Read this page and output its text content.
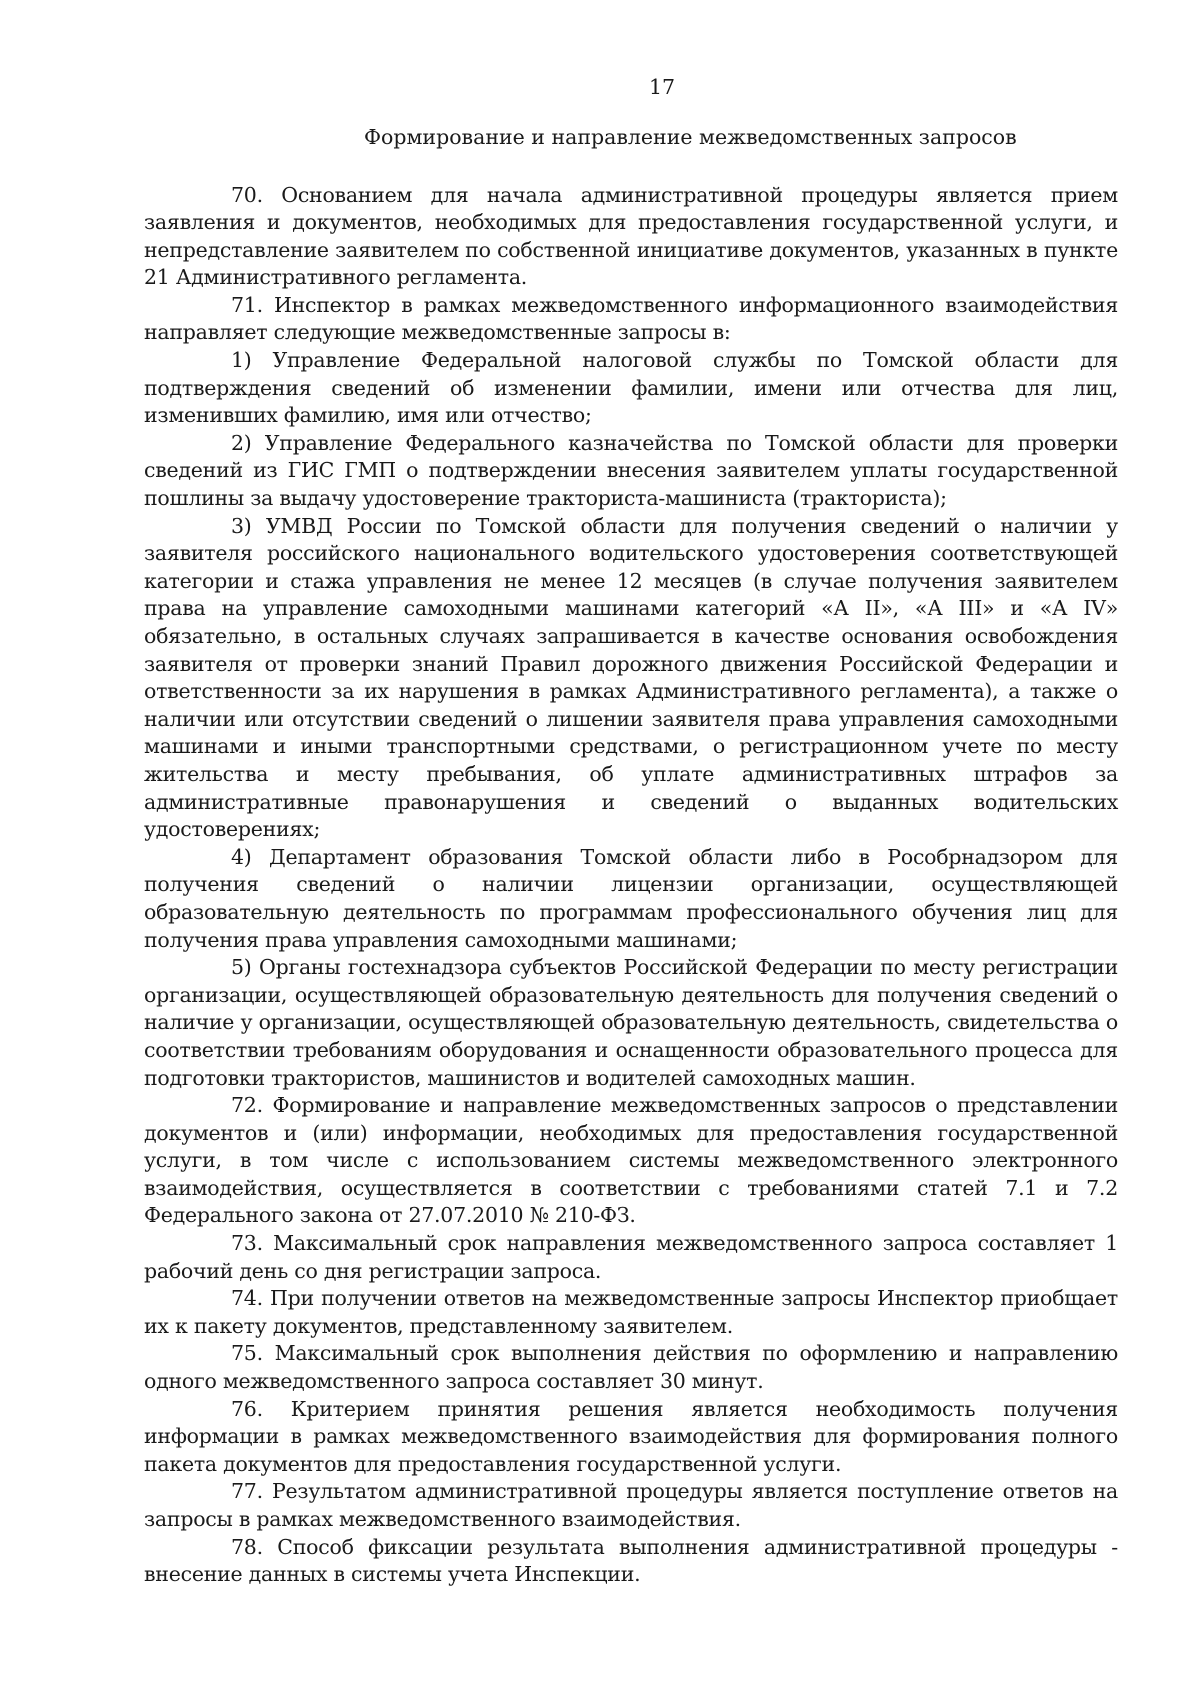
17
Формирование и направление межведомственных запросов

70. Основанием для начала административной процедуры является прием заявления и документов, необходимых для предоставления государственной услуги, и непредставление заявителем по собственной инициативе документов, указанных в пункте 21 Административного регламента.

71. Инспектор в рамках межведомственного информационного взаимодействия направляет следующие межведомственные запросы в:

1) Управление Федеральной налоговой службы по Томской области для подтверждения сведений об изменении фамилии, имени или отчества для лиц, изменивших фамилию, имя или отчество;

2) Управление Федерального казначейства по Томской области для проверки сведений из ГИС ГМП о подтверждении внесения заявителем уплаты государственной пошлины за выдачу удостоверение тракториста-машиниста (тракториста);

3) УМВД России по Томской области для получения сведений о наличии у заявителя российского национального водительского удостоверения соответствующей категории и стажа управления не менее 12 месяцев (в случае получения заявителем права на управление самоходными машинами категорий «А II», «А III» и «А IV» обязательно, в остальных случаях запрашивается в качестве основания освобождения заявителя от проверки знаний Правил дорожного движения Российской Федерации и ответственности за их нарушения в рамках Административного регламента), а также о наличии или отсутствии сведений о лишении заявителя права управления самоходными машинами и иными транспортными средствами, о регистрационном учете по месту жительства и месту пребывания, об уплате административных штрафов за административные правонарушения и сведений о выданных водительских удостоверениях;

4) Департамент образования Томской области либо в Рособрнадзором для получения сведений о наличии лицензии организации, осуществляющей образовательную деятельность по программам профессионального обучения лиц для получения права управления самоходными машинами;

5) Органы гостехнадзора субъектов Российской Федерации по месту регистрации организации, осуществляющей образовательную деятельность для получения сведений о наличие у организации, осуществляющей образовательную деятельность, свидетельства о соответствии требованиям оборудования и оснащенности образовательного процесса для подготовки трактористов, машинистов и водителей самоходных машин.

72. Формирование и направление межведомственных запросов о представлении документов и (или) информации, необходимых для предоставления государственной услуги, в том числе с использованием системы межведомственного электронного взаимодействия, осуществляется в соответствии с требованиями статей 7.1 и 7.2 Федерального закона от 27.07.2010 № 210-ФЗ.

73. Максимальный срок направления межведомственного запроса составляет 1 рабочий день со дня регистрации запроса.

74. При получении ответов на межведомственные запросы Инспектор приобщает их к пакету документов, представленному заявителем.

75. Максимальный срок выполнения действия по оформлению и направлению одного межведомственного запроса составляет 30 минут.

76. Критерием принятия решения является необходимость получения информации в рамках межведомственного взаимодействия для формирования полного пакета документов для предоставления государственной услуги.

77. Результатом административной процедуры является поступление ответов на запросы в рамках межведомственного взаимодействия.

78. Способ фиксации результата выполнения административной процедуры - внесение данных в системы учета Инспекции.
